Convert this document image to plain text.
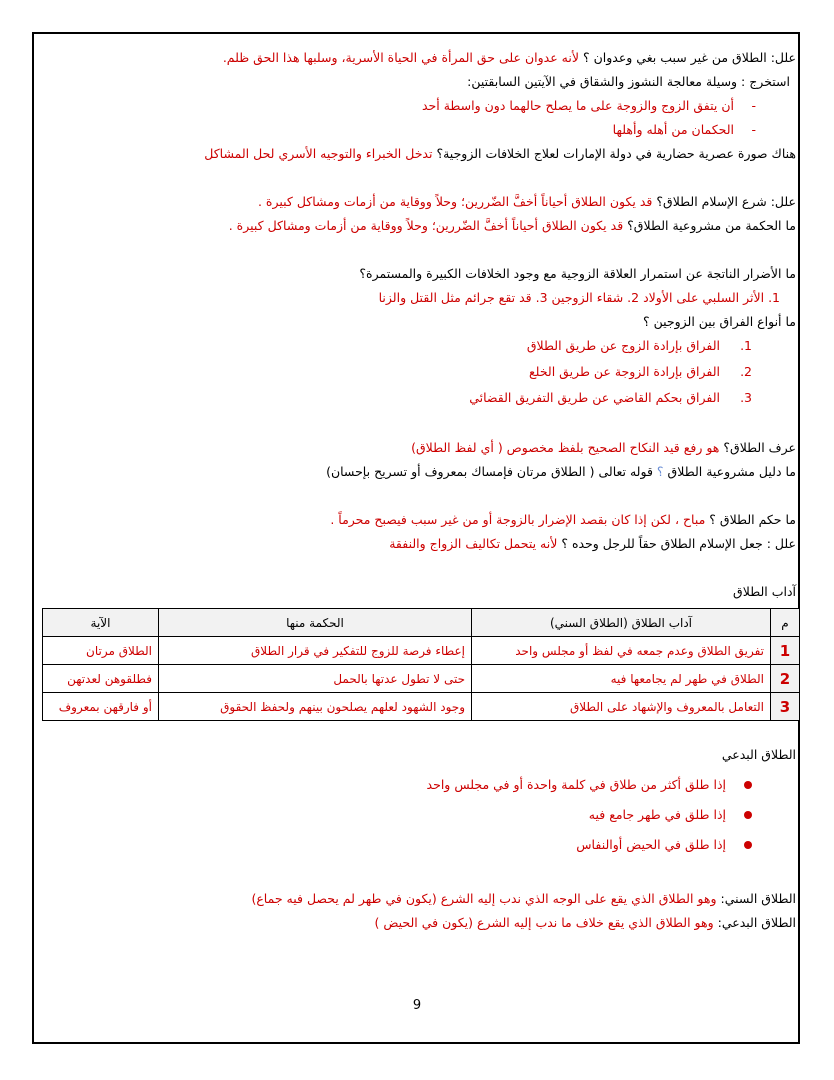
علل: الطلاق من غير سبب بغي وعدوان ؟ لأنه عدوان على حق المرأة في الحياة الأسرية، وسلبها هذا الحق ظلم.
استخرج : وسيلة معالجة النشوز والشقاق في الآيتين السابقتين:
-
أن يتفق الزوج والزوجة على ما يصلح حالهما دون واسطة أحد
-
الحكمان من أهله وأهلها
هناك صورة عصرية حضارية في دولة الإمارات لعلاج الخلافات الزوجية؟ تدخل الخبراء والتوجيه الأسري لحل المشاكل
علل: شرع الإسلام الطلاق؟ قد يكون الطلاق أحياناً أخفَّ الضّررين؛ وحلاً ووقاية من أزمات ومشاكل كبيرة .
ما الحكمة من مشروعية الطلاق؟ قد يكون الطلاق أحياناً أخفَّ الضّررين؛ وحلاً ووقاية من أزمات ومشاكل كبيرة .
ما الأضرار الناتجة عن استمرار العلاقة الزوجية مع وجود الخلافات الكبيرة والمستمرة؟
1. الأثر السلبي على الأولاد 2. شقاء الزوجين 3. قد تقع جرائم مثل القتل والزنا
ما أنواع الفراق بين الزوجين ؟
1.
الفراق بإرادة الزوج عن طريق الطلاق
2.
الفراق بإرادة الزوجة عن طريق الخلع
3.
الفراق بحكم القاضي عن طريق التفريق القضائي
عرف الطلاق؟ هو رفع قيد النكاح الصحيح بلفظ مخصوص ( أي لفظ الطلاق)
ما دليل مشروعية الطلاق ؟ قوله تعالى ( الطلاق مرتان فإمساك بمعروف أو تسريح بإحسان)
ما حكم الطلاق ؟ مباح ، لكن إذا كان بقصد الإضرار بالزوجة أو من غير سبب فيصبح محرماً .
علل : جعل الإسلام الطلاق حقاً للرجل وحده ؟ لأنه يتحمل تكاليف الزواج والنفقة
آداب الطلاق
م	آداب الطلاق (الطلاق السني)	الحكمة منها	الآية
1	تفريق الطلاق وعدم جمعه في لفظ أو مجلس واحد	إعطاء فرصة للزوج للتفكير في قرار الطلاق	الطلاق مرتان
2	الطلاق في طهر لم يجامعها فيه	حتى لا تطول عدتها بالحمل	فطلقوهن لعدتهن
3	التعامل بالمعروف والإشهاد على الطلاق	وجود الشهود لعلهم يصلحون بينهم ولحفظ الحقوق	أو فارقهن بمعروف
الطلاق البدعي
إذا طلق أكثر من طلاق في كلمة واحدة أو في مجلس واحد
إذا طلق في طهر جامع فيه
إذا طلق في الحيض أوالنفاس
الطلاق السني: وهو الطلاق الذي يقع على الوجه الذي ندب إليه الشرع (يكون في طهر لم يحصل فيه جماع)
الطلاق البدعي: وهو الطلاق الذي يقع خلاف ما ندب إليه الشرع (يكون في الحيض )
9
